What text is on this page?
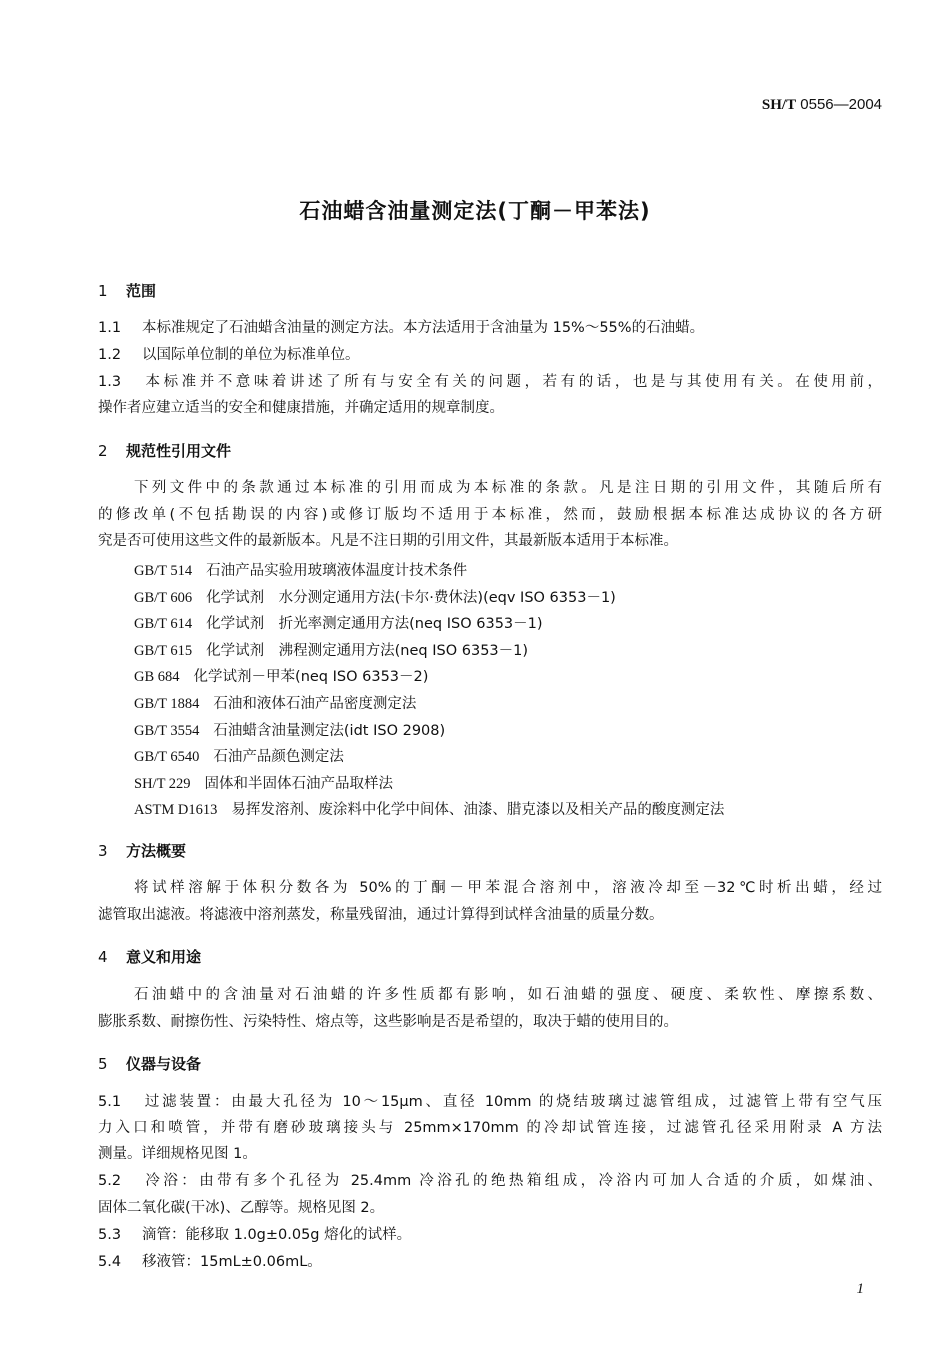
SH/T 0556—2004
石油蜡含油量测定法(丁酮－甲苯法)
1 范围
1.1 本标准规定了石油蜡含油量的测定方法。本方法适用于含油量为 15%～55%的石油蜡。
1.2 以国际单位制的单位为标准单位。
1.3 本标准并不意味着讲述了所有与安全有关的问题，若有的话，也是与其使用有关。在使用前，
操作者应建立适当的安全和健康措施，并确定适用的规章制度。
2 规范性引用文件
下列文件中的条款通过本标准的引用而成为本标准的条款。凡是注日期的引用文件，其随后所有
的修改单(不包括勘误的内容)或修订版均不适用于本标准，然而，鼓励根据本标准达成协议的各方研
究是否可使用这些文件的最新版本。凡是不注日期的引用文件，其最新版本适用于本标准。
GB/T 514 石油产品实验用玻璃液体温度计技术条件
GB/T 606 化学试剂　水分测定通用方法(卡尔·费休法)(eqv ISO 6353－1)
GB/T 614 化学试剂　折光率测定通用方法(neq ISO 6353－1)
GB/T 615 化学试剂　沸程测定通用方法(neq ISO 6353－1)
GB 684 化学试剂－甲苯(neq ISO 6353－2)
GB/T 1884 石油和液体石油产品密度测定法
GB/T 3554 石油蜡含油量测定法(idt ISO 2908)
GB/T 6540 石油产品颜色测定法
SH/T 229 固体和半固体石油产品取样法
ASTM D1613 易挥发溶剂、废涂料中化学中间体、油漆、腊克漆以及相关产品的酸度测定法
3 方法概要
将试样溶解于体积分数各为 50%的丁酮－甲苯混合溶剂中，溶液冷却至－32℃时析出蜡，经过
滤管取出滤液。将滤液中溶剂蒸发，称量残留油，通过计算得到试样含油量的质量分数。
4 意义和用途
石油蜡中的含油量对石油蜡的许多性质都有影响，如石油蜡的强度、硬度、柔软性、摩擦系数、
膨胀系数、耐擦伤性、污染特性、熔点等，这些影响是否是希望的，取决于蜡的使用目的。
5 仪器与设备
5.1 过滤装置：由最大孔径为 10～15μm、直径 10mm 的烧结玻璃过滤管组成，过滤管上带有空气压
力入口和喷管，并带有磨砂玻璃接头与 25mm×170mm 的冷却试管连接，过滤管孔径采用附录 A 方法
测量。详细规格见图 1。
5.2 冷浴：由带有多个孔径为 25.4mm 冷浴孔的绝热箱组成，冷浴内可加人合适的介质，如煤油、
固体二氧化碳(干冰)、乙醇等。规格见图 2。
5.3 滴管：能移取 1.0g±0.05g 熔化的试样。
5.4 移液管：15mL±0.06mL。
1
